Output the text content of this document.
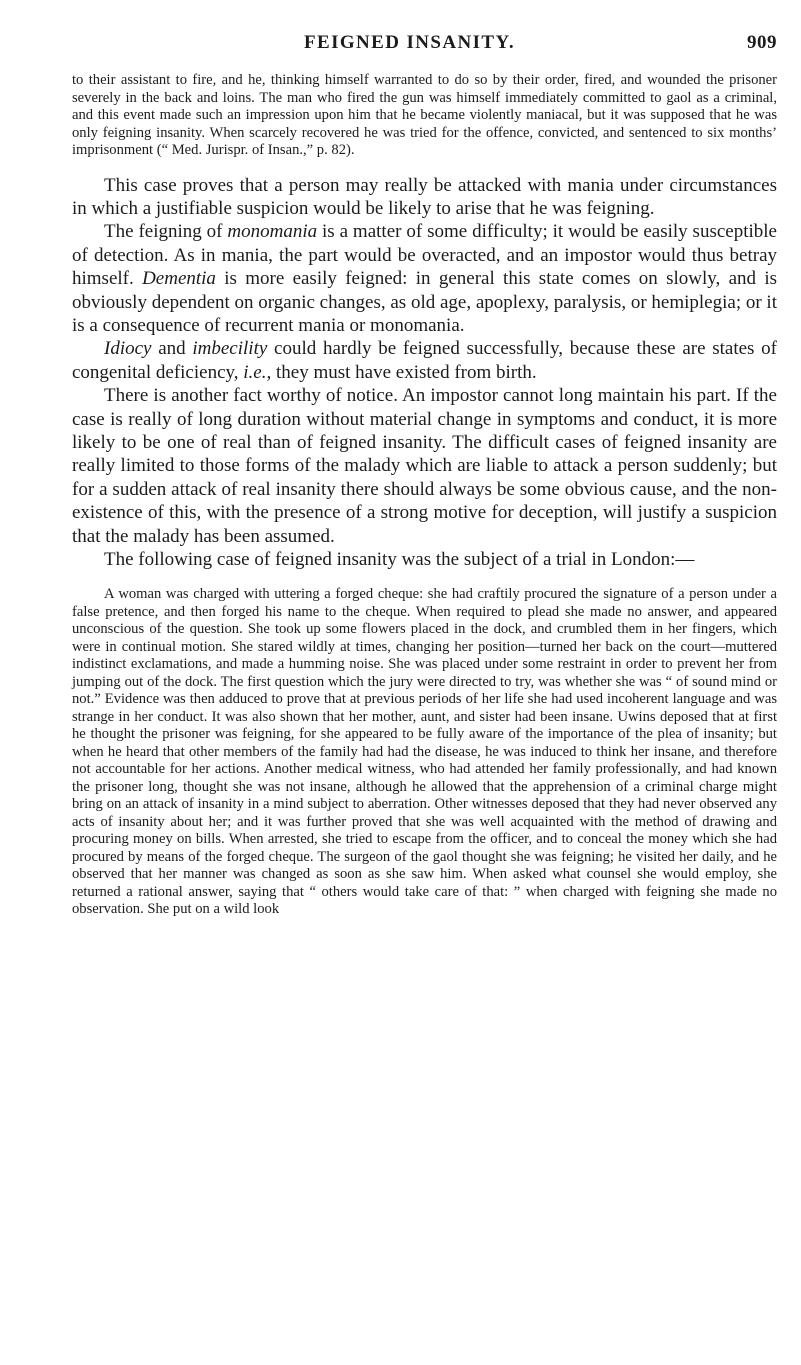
FEIGNED INSANITY.	909

to their assistant to fire, and he, thinking himself warranted to do so by their order, fired, and wounded the prisoner severely in the back and loins. The man who fired the gun was himself immediately committed to gaol as a criminal, and this event made such an impression upon him that he became violently maniacal, but it was supposed that he was only feigning insanity. When scarcely recovered he was tried for the offence, convicted, and sentenced to six months’ imprisonment (“ Med. Jurispr. of Insan.,” p. 82).

This case proves that a person may really be attacked with mania under circumstances in which a justifiable suspicion would be likely to arise that he was feigning.

The feigning of monomania is a matter of some difficulty; it would be easily susceptible of detection. As in mania, the part would be overacted, and an impostor would thus betray himself. Dementia is more easily feigned: in general this state comes on slowly, and is obviously dependent on organic changes, as old age, apoplexy, paralysis, or hemiplegia; or it is a consequence of recurrent mania or monomania.
Idiocy and imbecility could hardly be feigned successfully, because these are states of congenital deficiency, i.e., they must have existed from birth.

There is another fact worthy of notice. An impostor cannot long maintain his part. If the case is really of long duration without material change in symptoms and conduct, it is more likely to be one of real than of feigned insanity. The difficult cases of feigned insanity are really limited to those forms of the malady which are liable to attack a person suddenly; but for a sudden attack of real insanity there should always be some obvious cause, and the non-existence of this, with the presence of a strong motive for deception, will justify a suspicion that the malady has been assumed.

The following case of feigned insanity was the subject of a trial in London:—

A woman was charged with uttering a forged cheque: she had craftily procured the signature of a person under a false pretence, and then forged his name to the cheque. When required to plead she made no answer, and appeared unconscious of the question. She took up some flowers placed in the dock, and crumbled them in her fingers, which were in continual motion. She stared wildly at times, changing her position—turned her back on the court—muttered indistinct exclamations, and made a humming noise. She was placed under some restraint in order to prevent her from jumping out of the dock. The first question which the jury were directed to try, was whether she was “ of sound mind or not.” Evidence was then adduced to prove that at previous periods of her life she had used incoherent language and was strange in her conduct. It was also shown that her mother, aunt, and sister had been insane. Uwins deposed that at first he thought the prisoner was feigning, for she appeared to be fully aware of the importance of the plea of insanity; but when he heard that other members of the family had had the disease, he was induced to think her insane, and therefore not accountable for her actions. Another medical witness, who had attended her family professionally, and had known the prisoner long, thought she was not insane, although he allowed that the apprehension of a criminal charge might bring on an attack of insanity in a mind subject to aberration. Other witnesses deposed that they had never observed any acts of insanity about her; and it was further proved that she was well acquainted with the method of drawing and procuring money on bills. When arrested, she tried to escape from the officer, and to conceal the money which she had procured by means of the forged cheque. The surgeon of the gaol thought she was feigning; he visited her daily, and he observed that her manner was changed as soon as she saw him. When asked what counsel she would employ, she returned a rational answer, saying that “ others would take care of that: ” when charged with feigning she made no observation. She put on a wild look
